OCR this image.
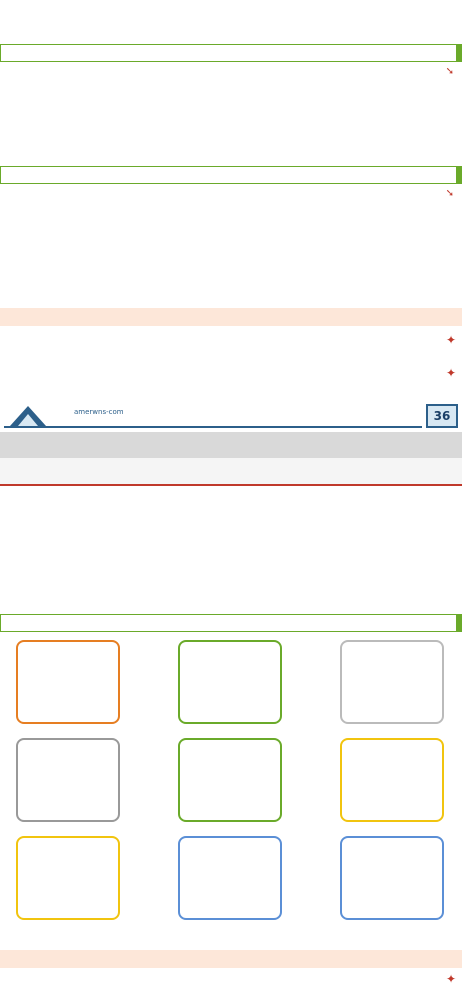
➘
➘
✦
✦
36
amerwns-com
✦
